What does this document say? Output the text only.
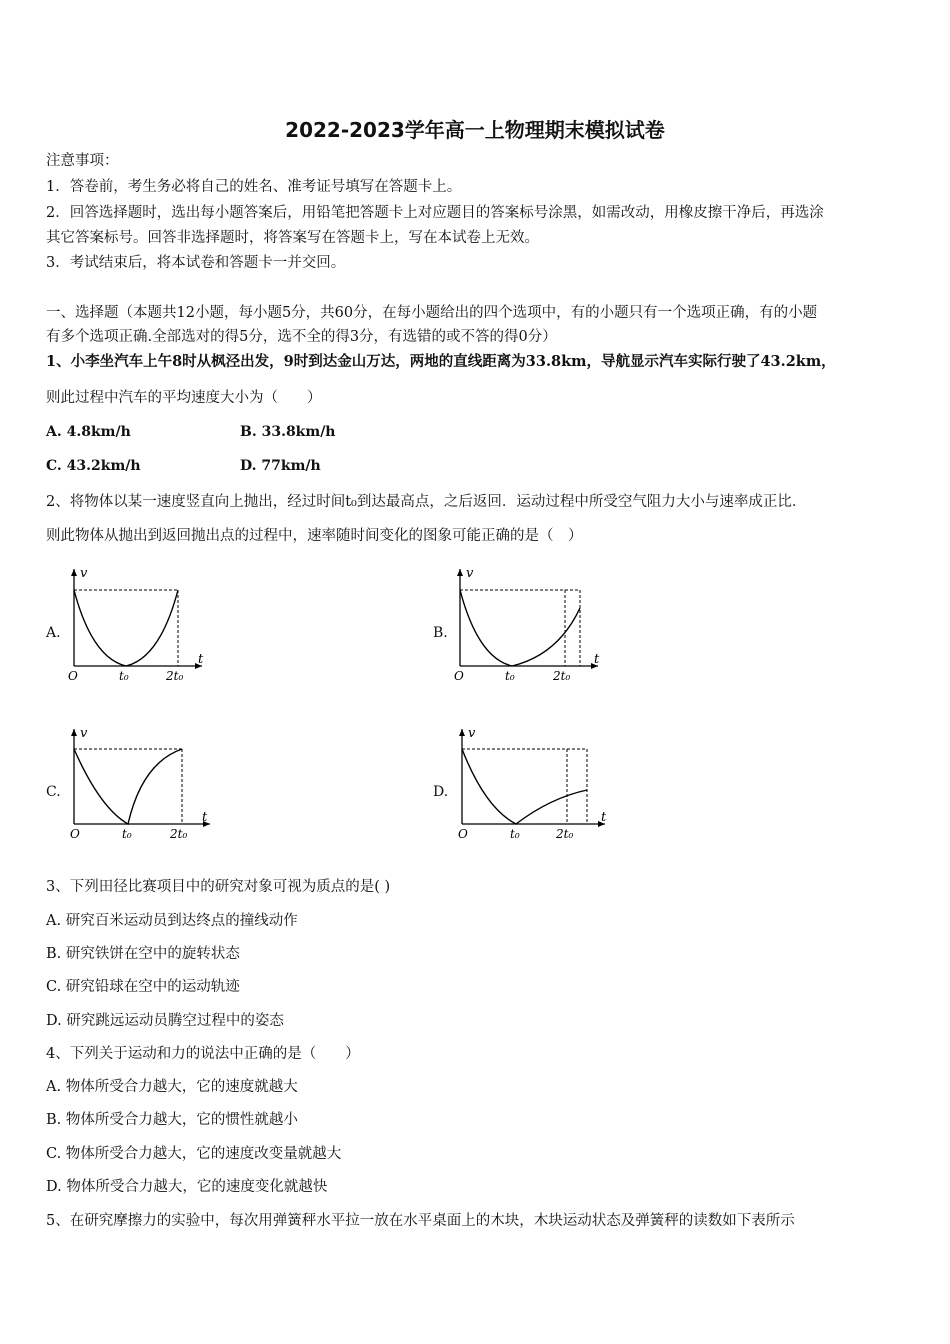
2022-2023学年高一上物理期末模拟试卷
注意事项：
1．答卷前，考生务必将自己的姓名、准考证号填写在答题卡上。
2．回答选择题时，选出每小题答案后，用铅笔把答题卡上对应题目的答案标号涂黑，如需改动，用橡皮擦干净后，再选涂
其它答案标号。回答非选择题时，将答案写在答题卡上，写在本试卷上无效。
3．考试结束后，将本试卷和答题卡一并交回。
一、选择题（本题共12小题，每小题5分，共60分，在每小题给出的四个选项中，有的小题只有一个选项正确，有的小题
有多个选项正确.全部选对的得5分，选不全的得3分，有选错的或不答的得0分）
1、小李坐汽车上午8时从枫泾出发，9时到达金山万达，两地的直线距离为33.8km，导航显示汽车实际行驶了43.2km，
则此过程中汽车的平均速度大小为（　　）
A. 4.8km/h	B. 33.8km/h
C. 43.2km/h	D. 77km/h
2、将物体以某一速度竖直向上抛出，经过时间t₀到达最高点，之后返回．运动过程中所受空气阻力大小与速率成正比．
则此物体从抛出到返回抛出点的过程中，速率随时间变化的图象可能正确的是（　）
A.
v
t
O	t₀	2t₀
B.
v
t
O	t₀	2t₀
C.
v
t
O	t₀	2t₀
D.
v
t
O	t₀	2t₀
3、下列田径比赛项目中的研究对象可视为质点的是( )
A. 研究百米运动员到达终点的撞线动作
B. 研究铁饼在空中的旋转状态
C. 研究铅球在空中的运动轨迹
D. 研究跳远运动员腾空过程中的姿态
4、下列关于运动和力的说法中正确的是（　　）
A. 物体所受合力越大，它的速度就越大
B. 物体所受合力越大，它的惯性就越小
C. 物体所受合力越大，它的速度改变量就越大
D. 物体所受合力越大，它的速度变化就越快
5、在研究摩擦力的实验中，每次用弹簧秤水平拉一放在水平桌面上的木块，木块运动状态及弹簧秤的读数如下表所示
